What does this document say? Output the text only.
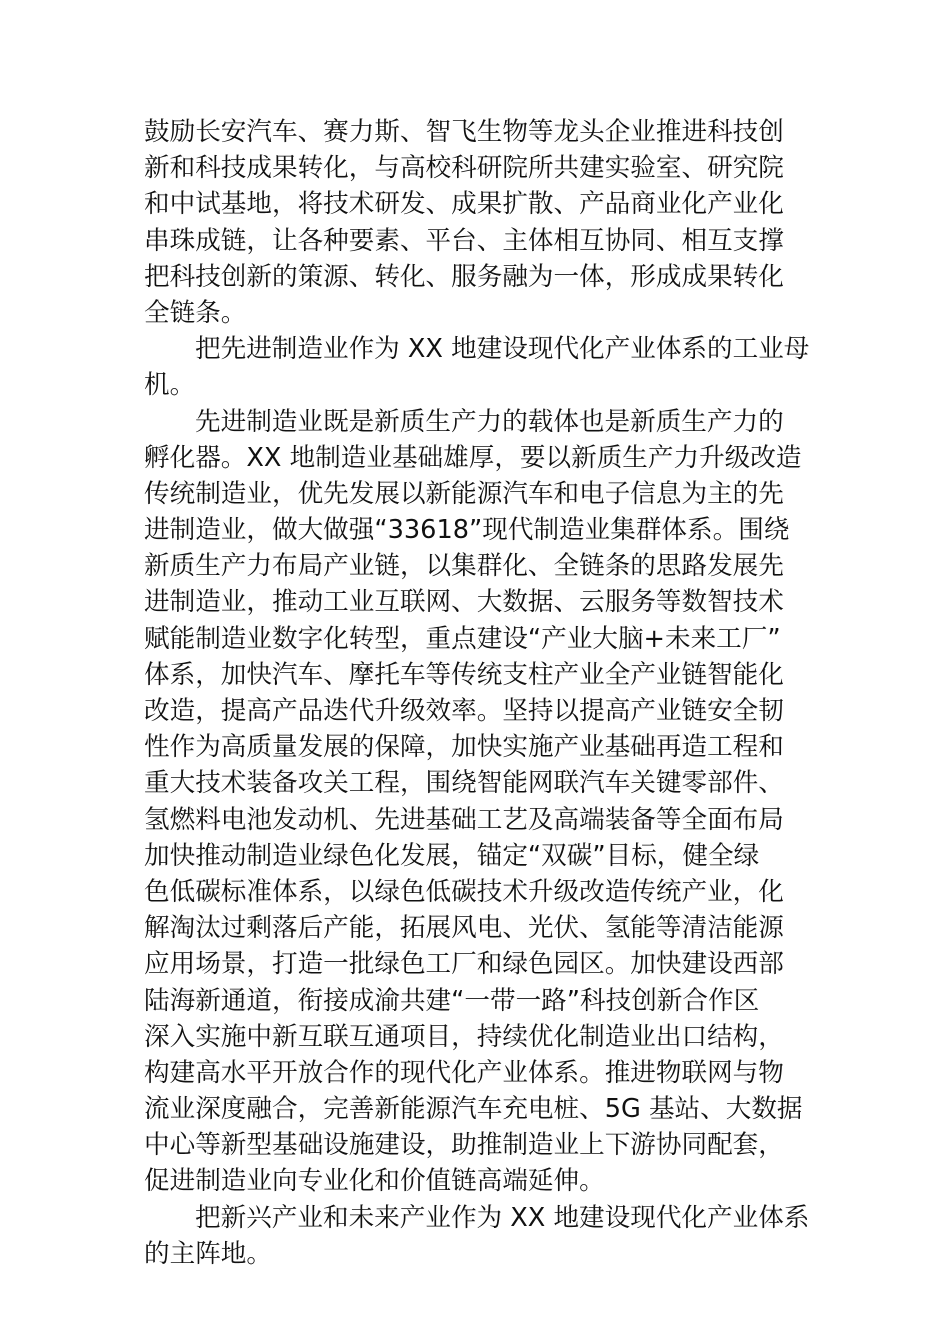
鼓励长安汽车、赛力斯、智飞生物等龙头企业推进科技创
新和科技成果转化，与高校科研院所共建实验室、研究院
和中试基地，将技术研发、成果扩散、产品商业化产业化
串珠成链，让各种要素、平台、主体相互协同、相互支撑
把科技创新的策源、转化、服务融为一体，形成成果转化
全链条。
把先进制造业作为 XX 地建设现代化产业体系的工业母
机。
先进制造业既是新质生产力的载体也是新质生产力的
孵化器。XX 地制造业基础雄厚，要以新质生产力升级改造
传统制造业，优先发展以新能源汽车和电子信息为主的先
进制造业，做大做强“33618”现代制造业集群体系。围绕
新质生产力布局产业链，以集群化、全链条的思路发展先
进制造业，推动工业互联网、大数据、云服务等数智技术
赋能制造业数字化转型，重点建设“产业大脑+未来工厂”
体系，加快汽车、摩托车等传统支柱产业全产业链智能化
改造，提高产品迭代升级效率。坚持以提高产业链安全韧
性作为高质量发展的保障，加快实施产业基础再造工程和
重大技术装备攻关工程，围绕智能网联汽车关键零部件、
氢燃料电池发动机、先进基础工艺及高端装备等全面布局
加快推动制造业绿色化发展，锚定“双碳”目标，健全绿
色低碳标准体系，以绿色低碳技术升级改造传统产业，化
解淘汰过剩落后产能，拓展风电、光伏、氢能等清洁能源
应用场景，打造一批绿色工厂和绿色园区。加快建设西部
陆海新通道，衔接成渝共建“一带一路”科技创新合作区
深入实施中新互联互通项目，持续优化制造业出口结构，
构建高水平开放合作的现代化产业体系。推进物联网与物
流业深度融合，完善新能源汽车充电桩、5G 基站、大数据
中心等新型基础设施建设，助推制造业上下游协同配套，
促进制造业向专业化和价值链高端延伸。
把新兴产业和未来产业作为 XX 地建设现代化产业体系
的主阵地。
